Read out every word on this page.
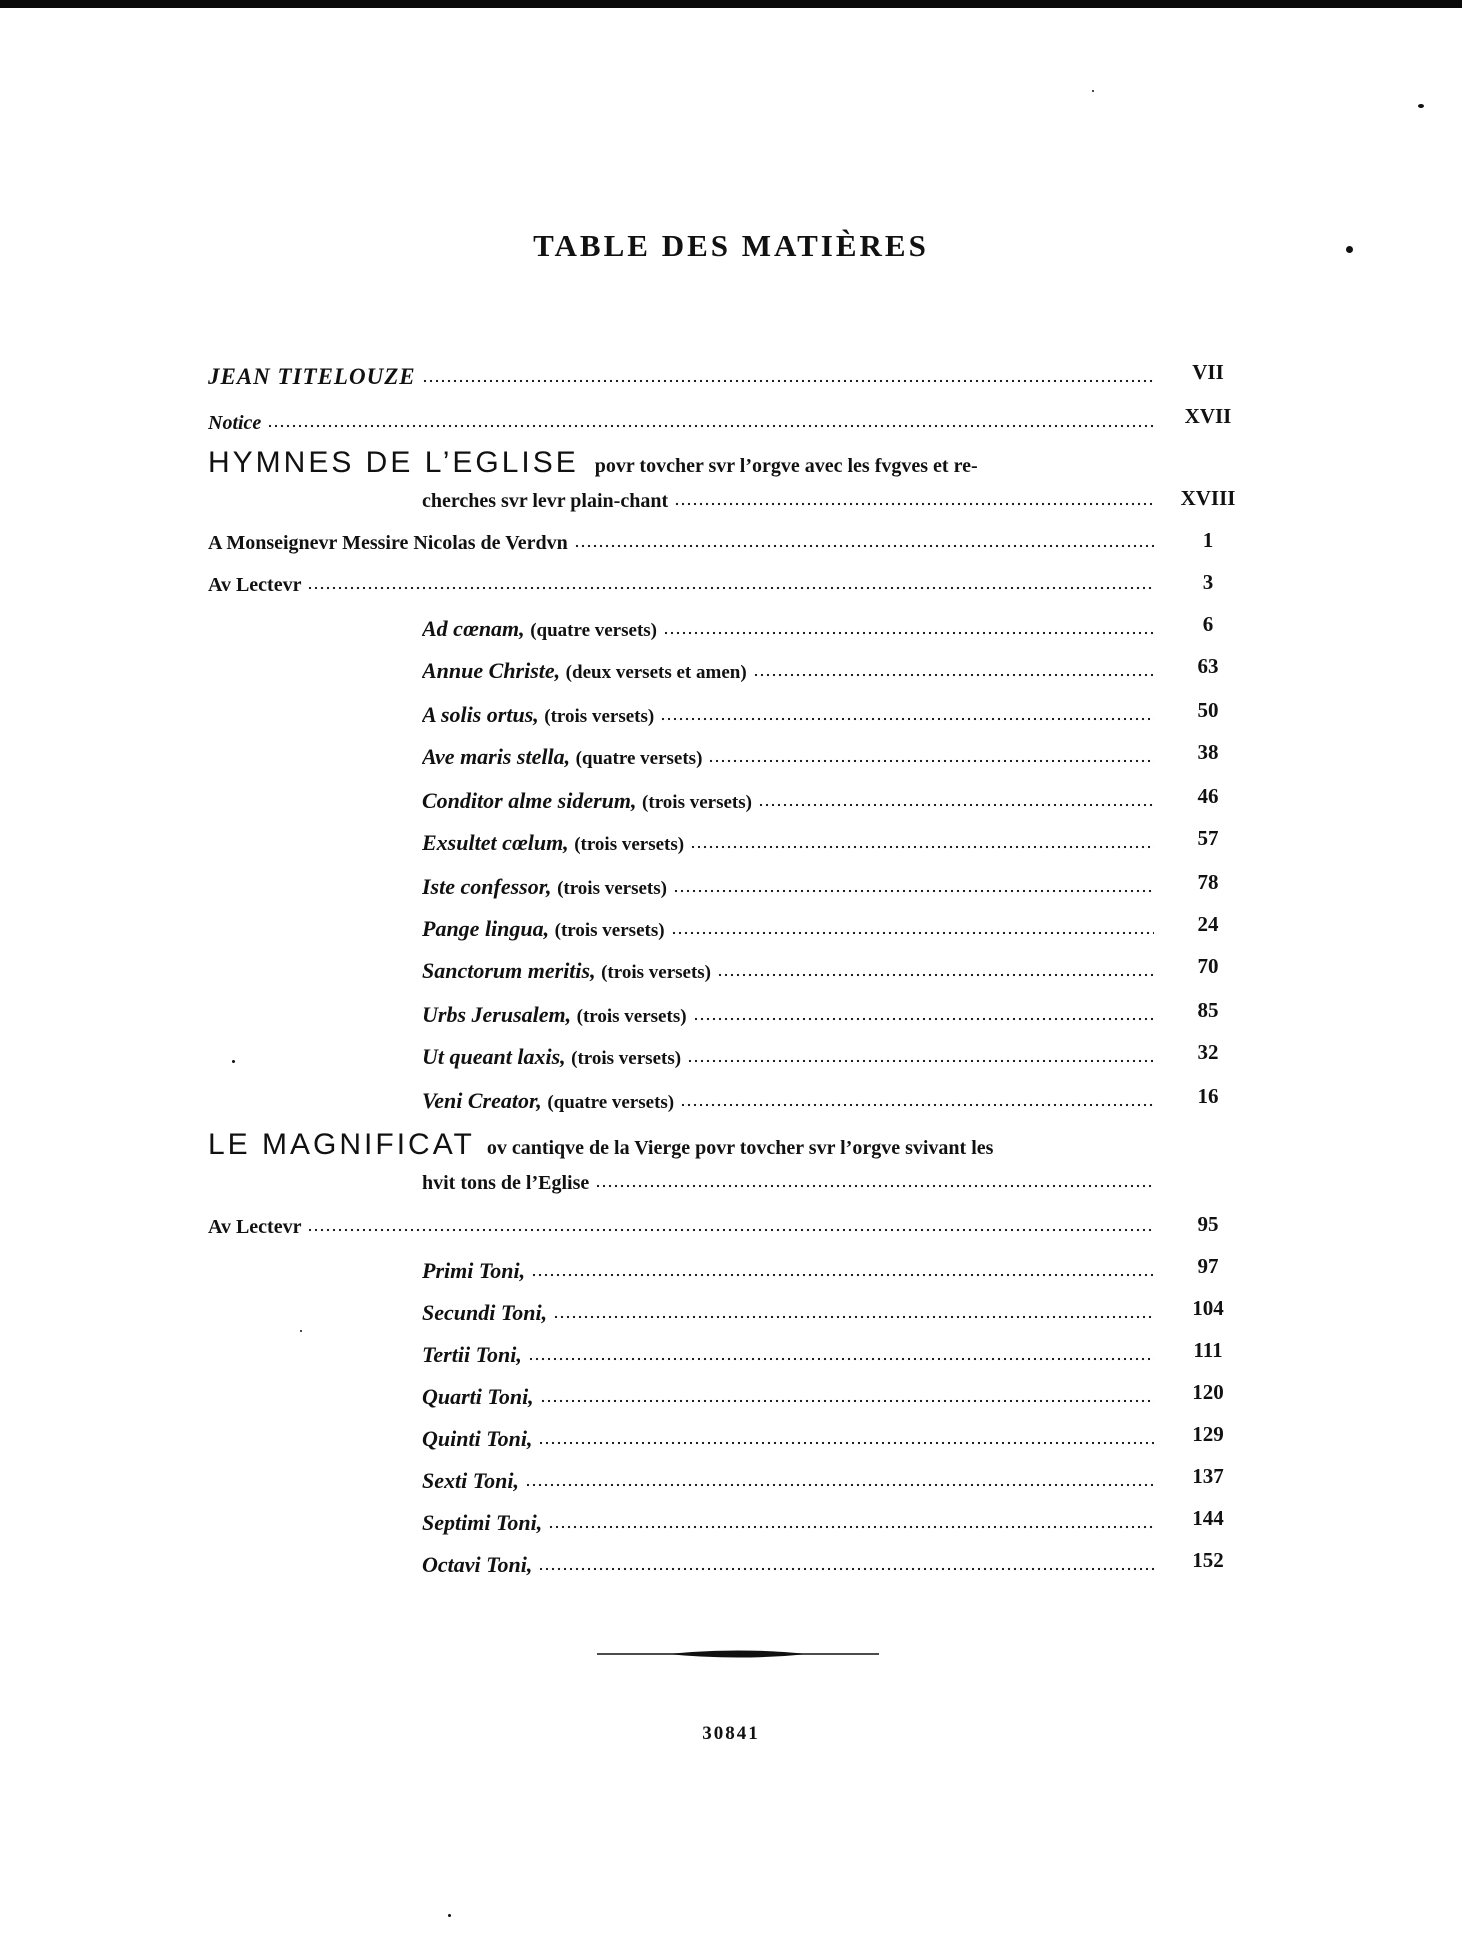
TABLE DES MATIÈRES
JEAN TITELOUZE	VII
Notice	XVII
HYMNES DE L’EGLISE povr tovcher svr l’orgve avec les fvgves et re-
cherches svr levr plain-chant	XVIII
A Monseignevr Messire Nicolas de Verdvn	1
Av Lectevr	3
Ad cœnam, (quatre versets)	6
Annue Christe, (deux versets et amen)	63
A solis ortus, (trois versets)	50
Ave maris stella, (quatre versets)	38
Conditor alme siderum, (trois versets)	46
Exsultet cœlum, (trois versets)	57
Iste confessor, (trois versets)	78
Pange lingua, (trois versets)	24
Sanctorum meritis, (trois versets)	70
Urbs Jerusalem, (trois versets)	85
Ut queant laxis, (trois versets)	32
Veni Creator, (quatre versets)	16
LE MAGNIFICAT ov cantiqve de la Vierge povr tovcher svr l’orgve svivant les
hvit tons de l’Eglise
Av Lectevr	95
Primi Toni,	97
Secundi Toni,	104
Tertii Toni,	111
Quarti Toni,	120
Quinti Toni,	129
Sexti Toni,	137
Septimi Toni,	144
Octavi Toni,	152
30841
